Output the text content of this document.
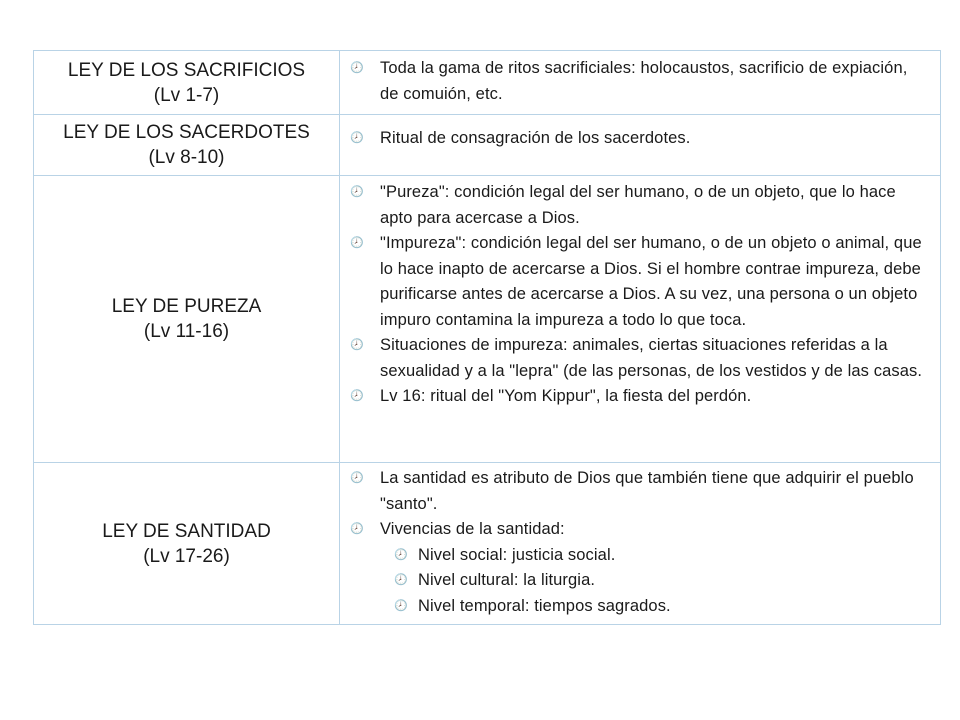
LEY DE LOS SACRIFICIOS
(Lv 1-7)
🕗 Toda la gama de ritos sacrificiales: holocaustos, sacrificio de expiación, de comuión, etc.
LEY DE LOS SACERDOTES
(Lv 8-10)
🕗 Ritual de consagración de los sacerdotes.
LEY DE PUREZA
(Lv 11-16)
🕗 "Pureza": condición legal del ser humano, o de un objeto, que lo hace apto para acercase a Dios.
🕗 "Impureza": condición legal del ser humano, o de un objeto o animal, que lo hace inapto de acercarse a Dios. Si el hombre contrae impureza, debe purificarse antes de acercarse a Dios. A su vez, una persona o un objeto impuro contamina la impureza a todo lo que toca.
🕗 Situaciones de impureza: animales, ciertas situaciones referidas a la sexualidad y a la "lepra" (de las personas, de los vestidos y de las casas.
🕗 Lv 16: ritual del "Yom Kippur", la fiesta del perdón.
LEY DE SANTIDAD
(Lv 17-26)
🕗 La santidad es atributo de Dios que también tiene que adquirir el pueblo "santo".
🕗 Vivencias de la santidad:
🕗 Nivel social: justicia social.
🕗 Nivel cultural: la liturgia.
🕗 Nivel temporal: tiempos sagrados.
